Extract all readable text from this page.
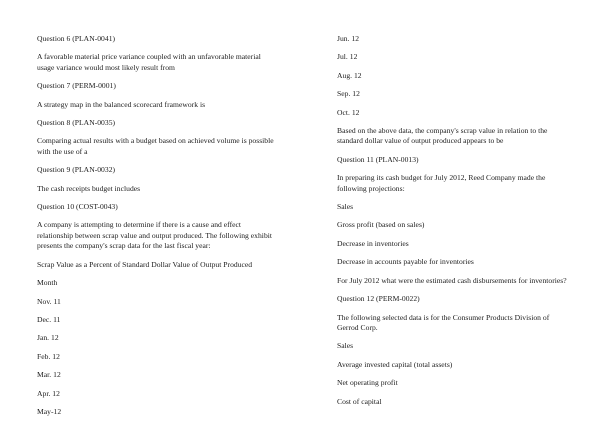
Question 6 (PLAN-0041)

A favorable material price variance coupled with an unfavorable material usage variance would most likely result from

Question 7 (PERM-0001)

A strategy map in the balanced scorecard framework is

Question 8 (PLAN-0035)

Comparing actual results with a budget based on achieved volume is possible with the use of a

Question 9 (PLAN-0032)

The cash receipts budget includes

Question 10 (COST-0043)

A company is attempting to determine if there is a cause and effect relationship between scrap value and output produced. The following exhibit presents the company's scrap data for the last fiscal year:

Scrap Value as a Percent of Standard Dollar Value of Output Produced

Month

Nov. 11

Dec. 11

Jan. 12

Feb. 12

Mar. 12

Apr. 12

May-12

Jun. 12

Jul. 12

Aug. 12

Sep. 12

Oct. 12

Based on the above data, the company's scrap value in relation to the standard dollar value of output produced appears to be

Question 11 (PLAN-0013)

In preparing its cash budget for July 2012, Reed Company made the following projections:

Sales

Gross profit (based on sales)

Decrease in inventories

Decrease in accounts payable for inventories

For July 2012 what were the estimated cash disbursements for inventories?

Question 12 (PERM-0022)

The following selected data is for the Consumer Products Division of Gerrod Corp.

Sales

Average invested capital (total assets)

Net operating profit

Cost of capital
